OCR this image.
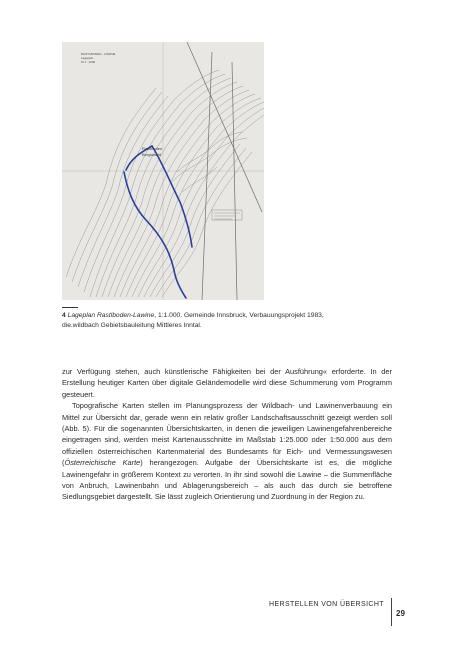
Rastlboden
Bergwacht
RASTLBODEN - LAWINE
Lageplan
M 1 : 1000
4 Lageplan Rastlboden-Lawine, 1:1.000. Gemeinde Innsbruck, Verbauungsprojekt 1983,
die.wildbach Gebietsbauleitung Mittleres Inntal.

zur Verfügung stehen, auch künstlerische Fähigkeiten bei der Ausführung« erforderte. In der Erstellung heutiger Karten über digitale Geländemodelle wird diese Schummerung vom Programm gesteuert.

Topografische Karten stellen im Planungsprozess der Wildbach- und Lawinenverbauung ein Mittel zur Übersicht dar, gerade wenn ein relativ großer Landschaftsausschnitt gezeigt werden soll (Abb. 5). Für die sogenannten Übersichtskarten, in denen die jeweiligen Lawinengefahrenbereiche eingetragen sind, werden meist Kartenausschnitte im Maßstab 1:25.000 oder 1:50.000 aus dem offiziellen österreichischen Kartenmaterial des Bundesamts für Eich- und Vermessungswesen (Österreichische Karte) herangezogen. Aufgabe der Übersichtskarte ist es, die mögliche Lawinengefahr in größerem Kontext zu verorten. In ihr sind sowohl die Lawine – die Summenfläche von Anbruch, Lawinenbahn und Ablagerungsbereich – als auch das durch sie betroffene Siedlungsgebiet dargestellt. Sie lässt zugleich Orientierung und Zuordnung in der Region zu.

HERSTELLEN VON ÜBERSICHT
29
